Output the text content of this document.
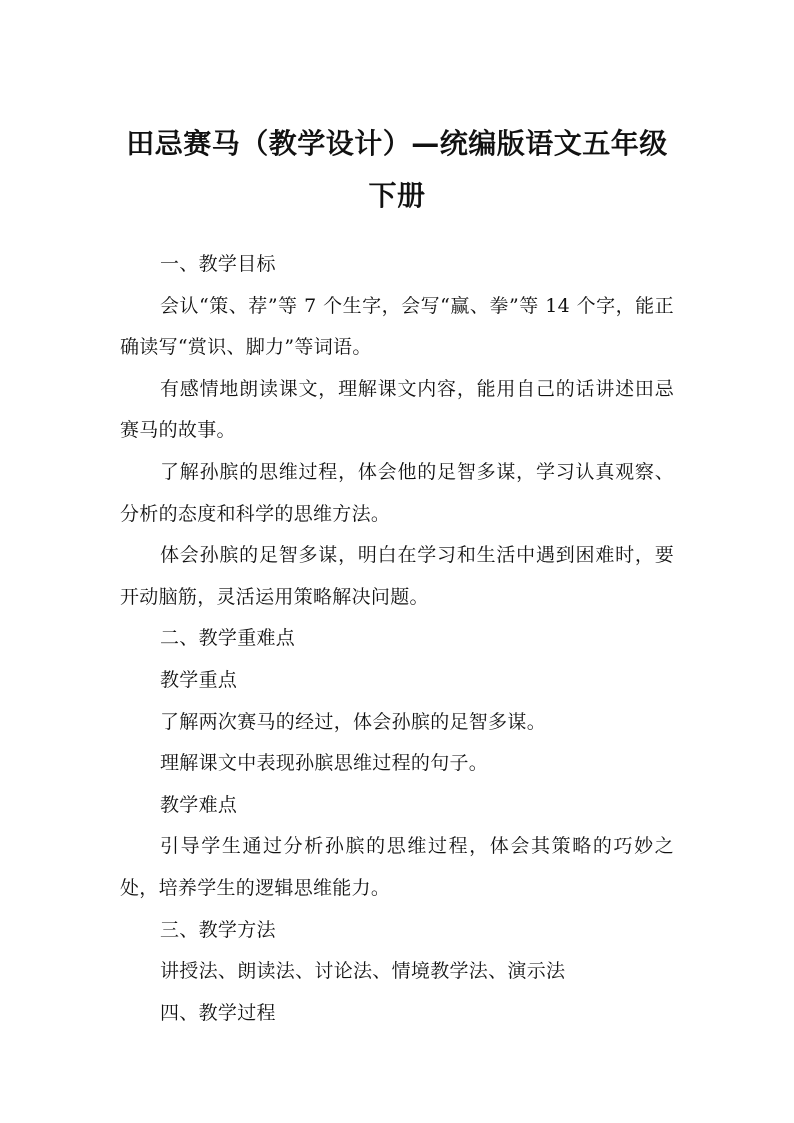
田忌赛马（教学设计）—统编版语文五年级
下册

一、教学目标

会认“策、荐”等 7 个生字，会写“赢、拳”等 14 个字，能正确读写“赏识、脚力”等词语。

有感情地朗读课文，理解课文内容，能用自己的话讲述田忌赛马的故事。

了解孙膑的思维过程，体会他的足智多谋，学习认真观察、分析的态度和科学的思维方法。

体会孙膑的足智多谋，明白在学习和生活中遇到困难时，要开动脑筋，灵活运用策略解决问题。

二、教学重难点

教学重点

了解两次赛马的经过，体会孙膑的足智多谋。

理解课文中表现孙膑思维过程的句子。

教学难点

引导学生通过分析孙膑的思维过程，体会其策略的巧妙之处，培养学生的逻辑思维能力。

三、教学方法

讲授法、朗读法、讨论法、情境教学法、演示法

四、教学过程
